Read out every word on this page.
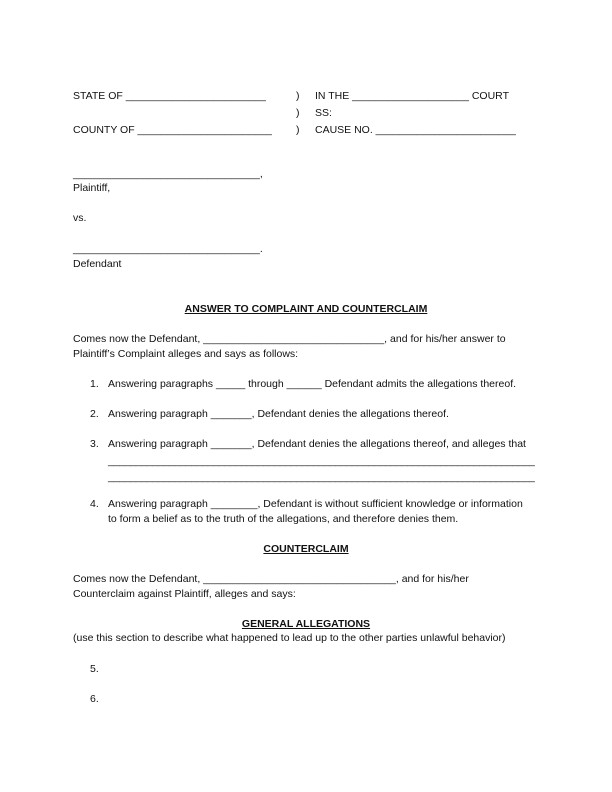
STATE OF ________________________	) IN THE ____________________ COURT
) SS:
COUNTY OF _______________________ ) CAUSE NO. ________________________
________________________________,
Plaintiff,
vs.
________________________________.
Defendant
ANSWER TO COMPLAINT AND COUNTERCLAIM
Comes now the Defendant, _______________________________, and for his/her answer to
Plaintiff’s Complaint alleges and says as follows:
1. Answering paragraphs _____ through ______ Defendant admits the allegations thereof.
2. Answering paragraph _______, Defendant denies the allegations thereof.
3. Answering paragraph _______, Defendant denies the allegations thereof, and alleges that
_____________________________________________________________________________
_____________________________________________________________________________
4. Answering paragraph ________, Defendant is without sufficient knowledge or information
to form a belief as to the truth of the allegations, and therefore denies them.
COUNTERCLAIM
Comes now the Defendant, _________________________________, and for his/her
Counterclaim against Plaintiff, alleges and says:
GENERAL ALLEGATIONS
(use this section to describe what happened to lead up to the other parties unlawful behavior)
5.
6.
